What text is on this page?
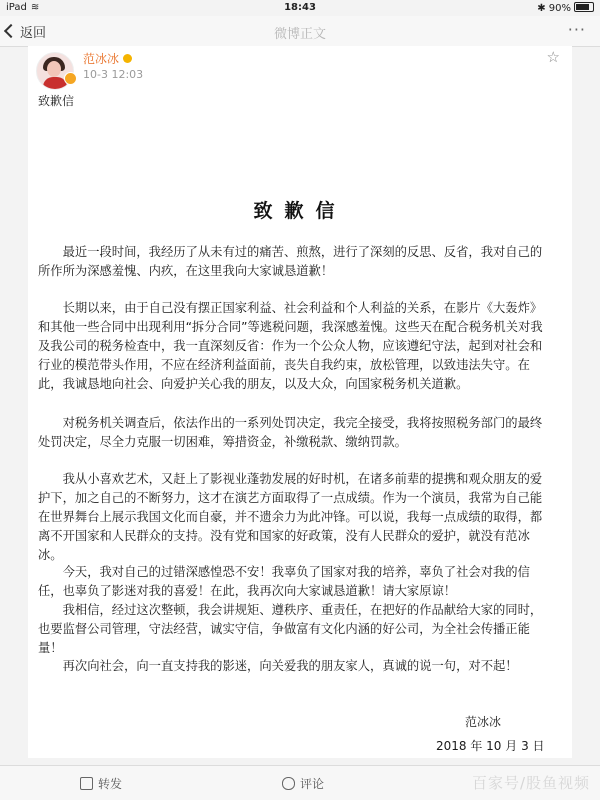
iPad ≋	18:43	✱ 90%
返回	微博正文	···
范冰冰
10-3 12:03
☆
致歉信
致歉信
最近一段时间，我经历了从未有过的痛苦、煎熬，进行了深刻的反思、反省，我对自己的所作所为深感羞愧、内疚，在这里我向大家诚恳道歉！
长期以来，由于自己没有摆正国家利益、社会利益和个人利益的关系，在影片《大轰炸》和其他一些合同中出现利用“拆分合同”等逃税问题，我深感羞愧。这些天在配合税务机关对我及我公司的税务检查中，我一直深刻反省：作为一个公众人物，应该遵纪守法，起到对社会和行业的模范带头作用，不应在经济利益面前，丧失自我约束，放松管理，以致违法失守。在此，我诚恳地向社会、向爱护关心我的朋友，以及大众，向国家税务机关道歉。
对税务机关调查后，依法作出的一系列处罚决定，我完全接受，我将按照税务部门的最终处罚决定，尽全力克服一切困难，筹措资金，补缴税款、缴纳罚款。
我从小喜欢艺术，又赶上了影视业蓬勃发展的好时机，在诸多前辈的提携和观众朋友的爱护下，加之自己的不断努力，这才在演艺方面取得了一点成绩。作为一个演员，我常为自己能在世界舞台上展示我国文化而自豪，并不遗余力为此冲锋。可以说，我每一点成绩的取得，都离不开国家和人民群众的支持。没有党和国家的好政策，没有人民群众的爱护，就没有范冰冰。
今天，我对自己的过错深感惶恐不安！我辜负了国家对我的培养，辜负了社会对我的信任，也辜负了影迷对我的喜爱！在此，我再次向大家诚恳道歉！请大家原谅！
我相信，经过这次整顿，我会讲规矩、遵秩序、重责任，在把好的作品献给大家的同时，也要监督公司管理，守法经营，诚实守信，争做富有文化内涵的好公司，为全社会传播正能量！
再次向社会，向一直支持我的影迷，向关爱我的朋友家人，真诚的说一句，对不起！
范冰冰
2018 年 10 月 3 日
转发	评论	百家号/股鱼视频
